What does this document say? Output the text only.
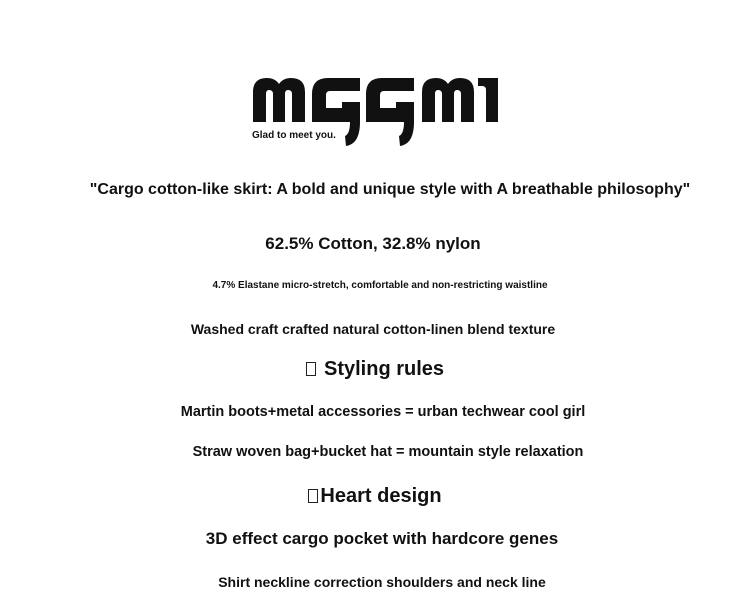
Glad to meet you.
"Cargo cotton-like skirt: A bold and unique style with A breathable philosophy"
62.5% Cotton, 32.8% nylon
4.7% Elastane micro-stretch, comfortable and non-restricting waistline
Washed craft crafted natural cotton-linen blend texture
Styling rules
Martin boots+metal accessories = urban techwear cool girl
Straw woven bag+bucket hat = mountain style relaxation
Heart design
3D effect cargo pocket with hardcore genes
Shirt neckline correction shoulders and neck line
